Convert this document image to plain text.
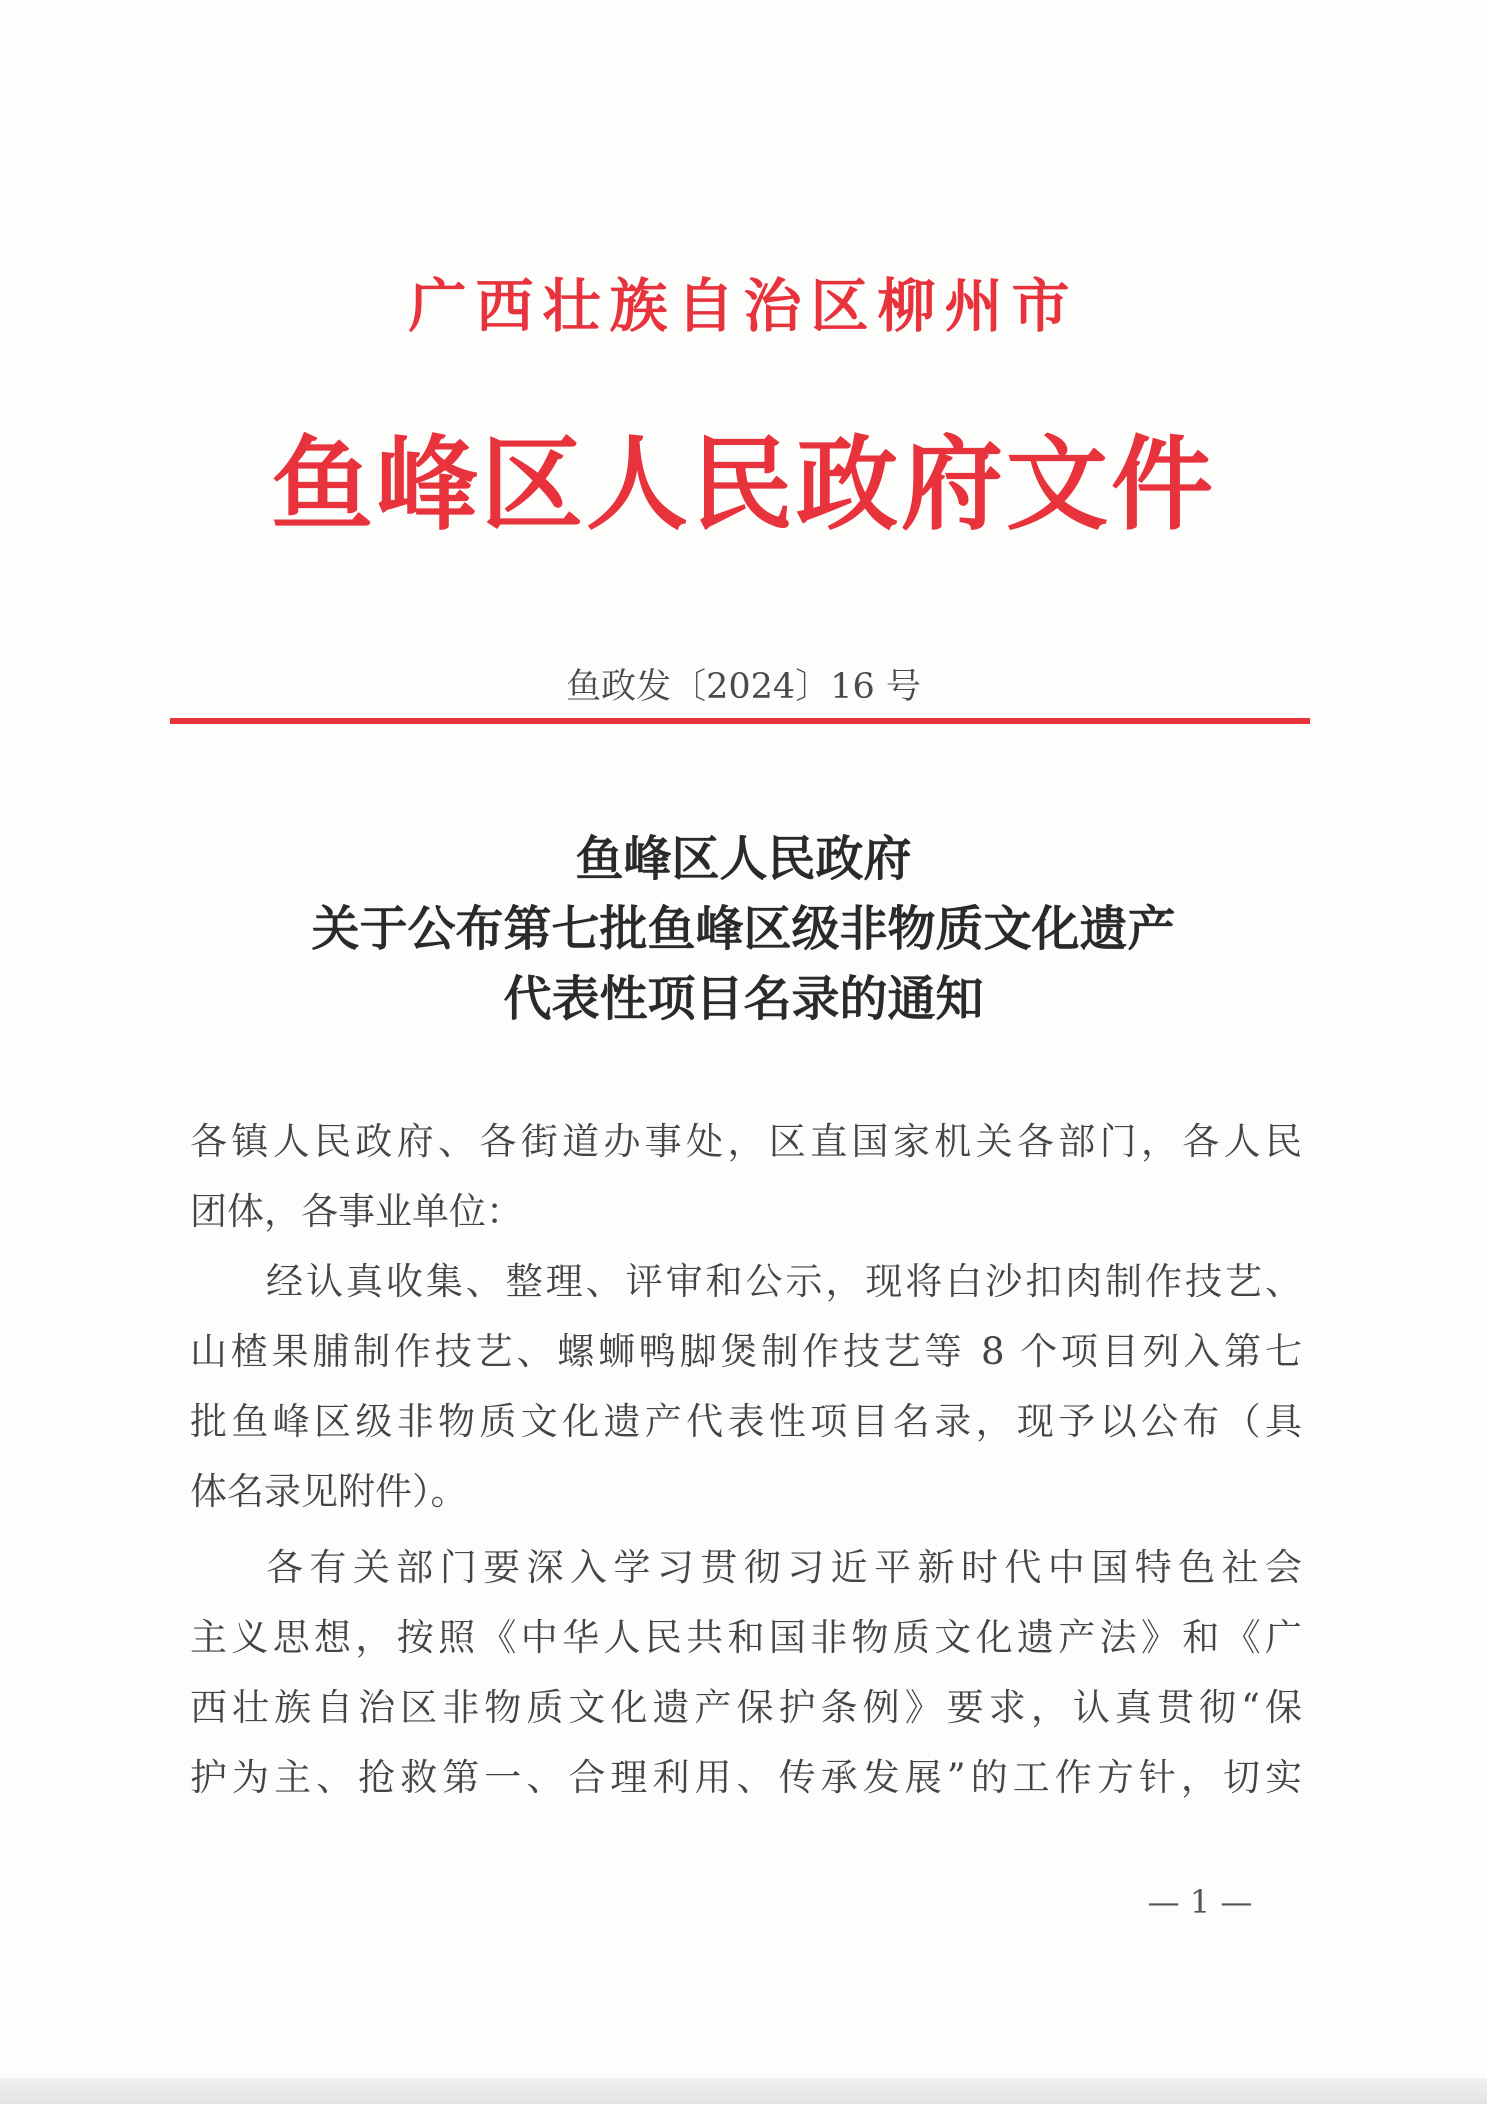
广西壮族自治区柳州市
鱼峰区人民政府文件
鱼政发〔2024〕16 号
鱼峰区人民政府
关于公布第七批鱼峰区级非物质文化遗产
代表性项目名录的通知
各镇人民政府、各街道办事处，区直国家机关各部门，各人民
团体，各事业单位：
经认真收集、整理、评审和公示，现将白沙扣肉制作技艺、
山楂果脯制作技艺、螺蛳鸭脚煲制作技艺等 8 个项目列入第七
批鱼峰区级非物质文化遗产代表性项目名录，现予以公布（具
体名录见附件）。
各有关部门要深入学习贯彻习近平新时代中国特色社会
主义思想，按照《中华人民共和国非物质文化遗产法》和《广
西壮族自治区非物质文化遗产保护条例》要求，认真贯彻“保
护为主、抢救第一、合理利用、传承发展”的工作方针，切实
— 1 —
